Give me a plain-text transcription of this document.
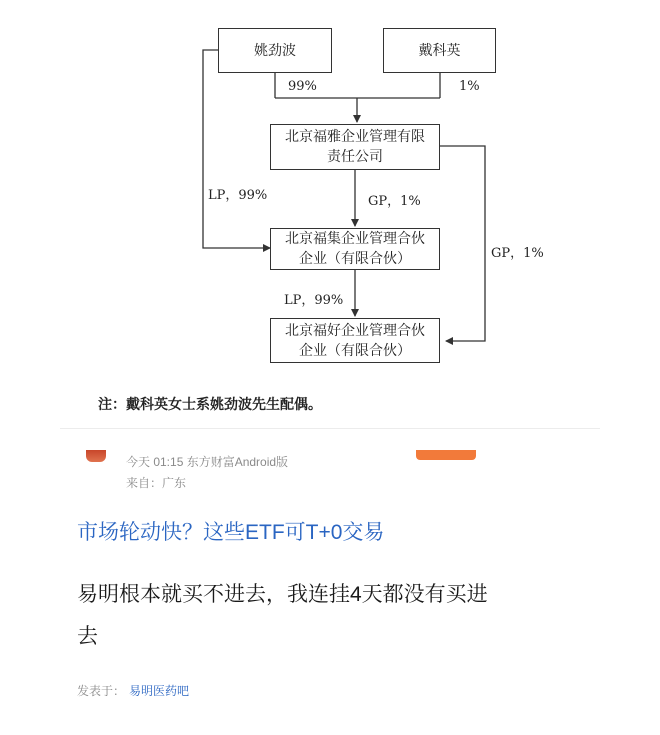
姚劲波	戴科英
北京福雅企业管理有限责任公司
北京福集企业管理合伙企业（有限合伙）
北京福好企业管理合伙企业（有限合伙）
99%	1%
LP，99%	GP，1%
GP，1%
LP，99%
注：戴科英女士系姚劲波先生配偶。
今天 01:15 东方财富Android版
来自：广东
市场轮动快？这些ETF可T+0交易
易明根本就买不进去，我连挂4天都没有买进去
发表于： 易明医药吧
